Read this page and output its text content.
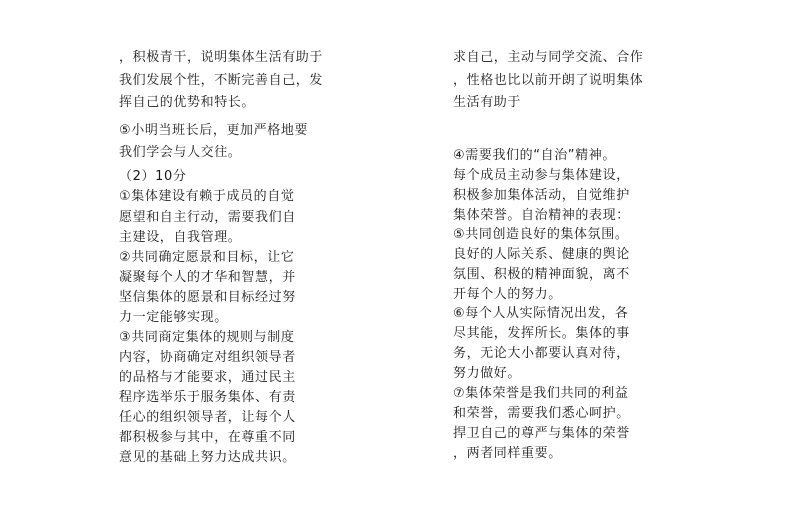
，积极青干，说明集体生活有助于
我们发展个性，不断完善自己，发
挥自己的优势和特长。
⑤小明当班长后，更加严格地要
我们学会与人交往。
（2）10分
①集体建设有赖于成员的自觉
愿望和自主行动，需要我们自
主建设，自我管理。
②共同确定愿景和目标，让它
凝聚每个人的才华和智慧，并
坚信集体的愿景和目标经过努
力一定能够实现。
③共同商定集体的规则与制度
内容，协商确定对组织领导者
的品格与才能要求，通过民主
程序选举乐于服务集体、有责
任心的组织领导者，让每个人
都积极参与其中，在尊重不同
意见的基础上努力达成共识。
求自己，主动与同学交流、合作
，性格也比以前开朗了说明集体
生活有助于
④需要我们的“自治”精神。
每个成员主动参与集体建设，
积极参加集体活动，自觉维护
集体荣誉。自治精神的表现：
⑤共同创造良好的集体氛围。
良好的人际关系、健康的舆论
氛围、积极的精神面貌，离不
开每个人的努力。
⑥每个人从实际情况出发，各
尽其能，发挥所长。集体的事
务，无论大小都要认真对待，
努力做好。
⑦集体荣誉是我们共同的利益
和荣誉，需要我们悉心呵护。
捍卫自己的尊严与集体的荣誉
，两者同样重要。
